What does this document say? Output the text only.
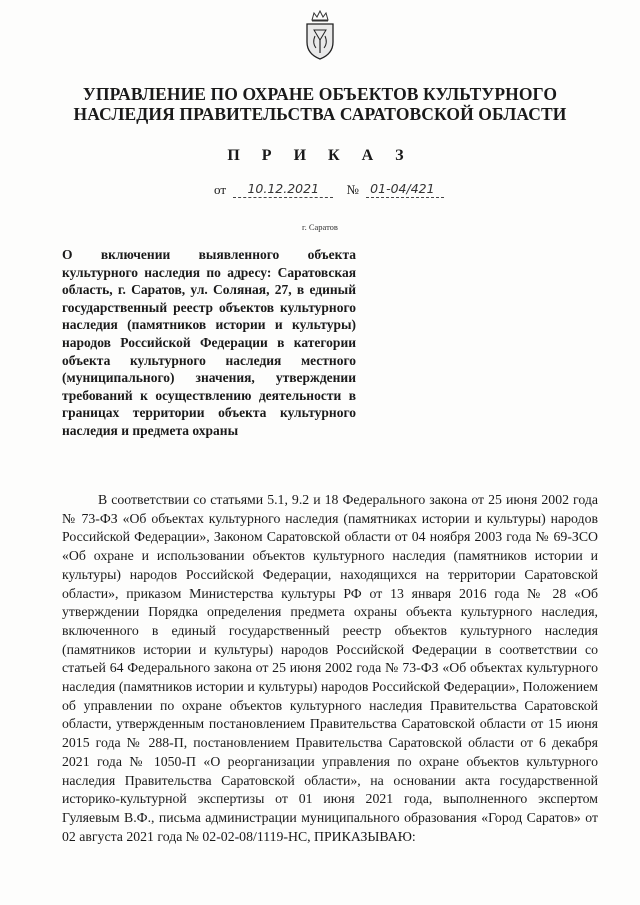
УПРАВЛЕНИЕ ПО ОХРАНЕ ОБЪЕКТОВ КУЛЬТУРНОГО
НАСЛЕДИЯ ПРАВИТЕЛЬСТВА САРАТОВСКОЙ ОБЛАСТИ
П Р И К А З
от 10.12.2021 № 01-04/421
г. Саратов
О включении выявленного объекта культурного наследия по адресу: Саратовская область, г. Саратов, ул. Соляная, 27, в единый государственный реестр объектов культурного наследия (памятников истории и культуры) народов Российской Федерации в категории объекта культурного наследия местного (муниципального) значения, утверждении требований к осуществлению деятельности в границах территории объекта культурного наследия и предмета охраны
В соответствии со статьями 5.1, 9.2 и 18 Федерального закона от 25 июня 2002 года № 73-ФЗ «Об объектах культурного наследия (памятниках истории и культуры) народов Российской Федерации», Законом Саратовской области от 04 ноября 2003 года № 69-ЗСО «Об охране и использовании объектов культурного наследия (памятников истории и культуры) народов Российской Федерации, находящихся на территории Саратовской области», приказом Министерства культуры РФ от 13 января 2016 года № 28 «Об утверждении Порядка определения предмета охраны объекта культурного наследия, включенного в единый государственный реестр объектов культурного наследия (памятников истории и культуры) народов Российской Федерации в соответствии со статьей 64 Федерального закона от 25 июня 2002 года № 73-ФЗ «Об объектах культурного наследия (памятников истории и культуры) народов Российской Федерации», Положением об управлении по охране объектов культурного наследия Правительства Саратовской области, утвержденным постановлением Правительства Саратовской области от 15 июня 2015 года № 288-П, постановлением Правительства Саратовской области от 6 декабря 2021 года № 1050-П «О реорганизации управления по охране объектов культурного наследия Правительства Саратовской области», на основании акта государственной историко-культурной экспертизы от 01 июня 2021 года, выполненного экспертом Гуляевым В.Ф., письма администрации муниципального образования «Город Саратов» от 02 августа 2021 года № 02-02-08/1119-НС, ПРИКАЗЫВАЮ:
